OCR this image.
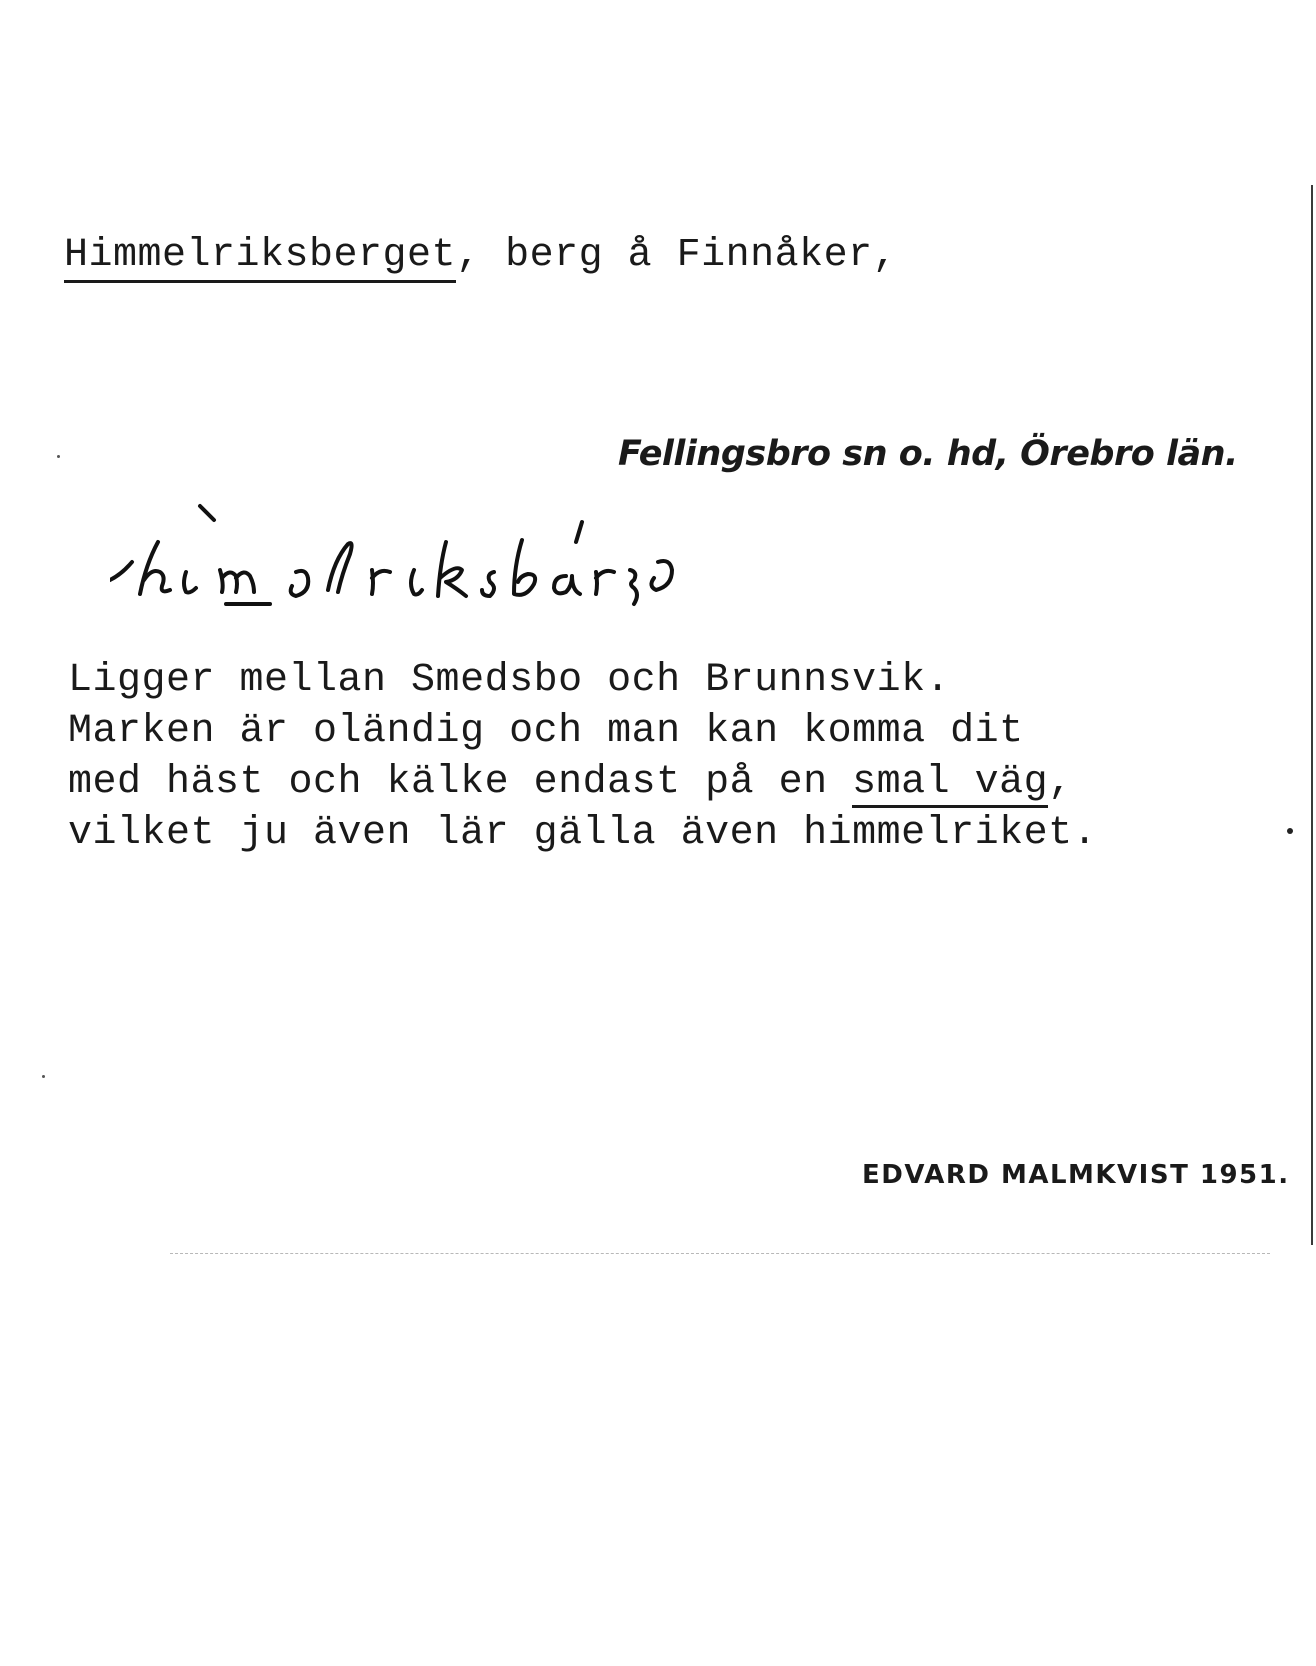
Himmelriksberget, berg å Finnåker,
Fellingsbro sn o. hd, Örebro län.
Ligger mellan Smedsbo och Brunnsvik.
Marken är oländig och man kan komma dit
med häst och kälke endast på en smal väg,
vilket ju även lär gälla även himmelriket.
EDVARD MALMKVIST 1951.
